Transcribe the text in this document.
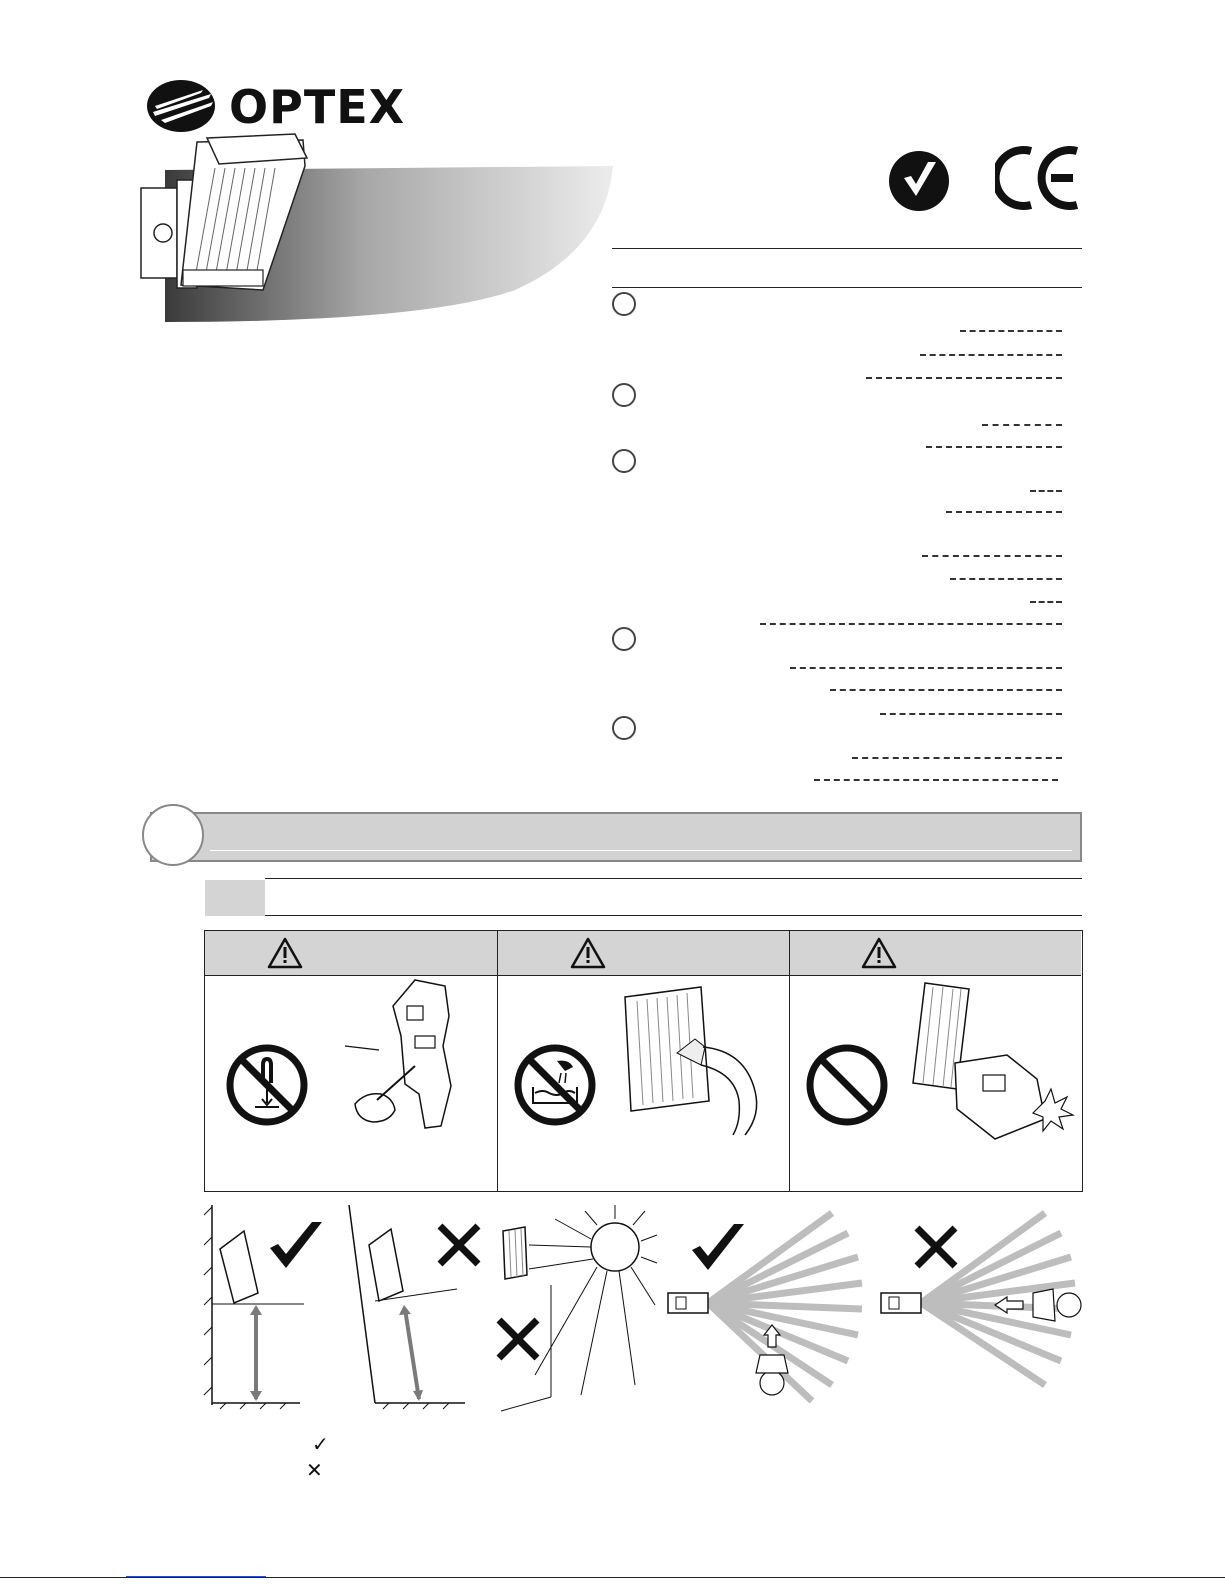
OPTEX
✓
✕
